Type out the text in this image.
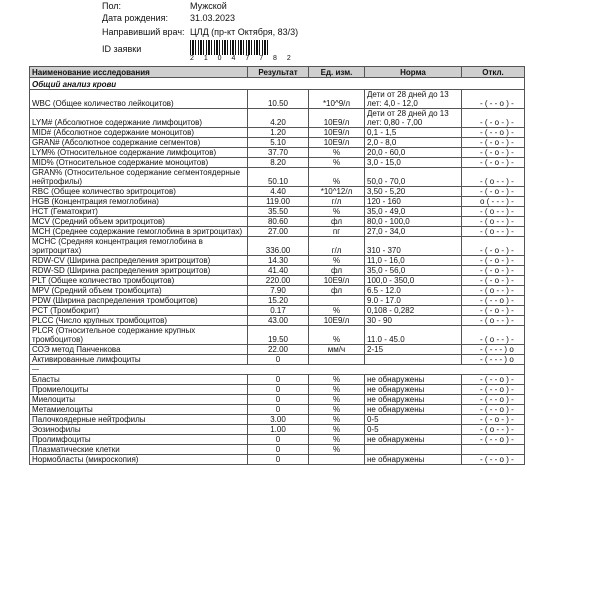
Пол:	Мужской
Дата рождения: 31.03.2023
Направивший врач: ЦЛД (пр-кт Октября, 83/3)
ID заявки
2 1 0 4 7 7 8 2
Наименование исследования	Результат	Ед. изм.	Норма	Откл.
Общий анализ крови				
WBC (Общее количество лейкоцитов)	10.50	*10^9/л	Дети от 28 дней до 13 лет: 4,0 - 12,0	- ( - - o ) -
LYM# (Абсолютное содержание лимфоцитов)	4.20	10E9/л	Дети от 28 дней до 13 лет: 0,80 - 7,00	- ( - o - ) -
MID# (Абсолютное содержание моноцитов)	1.20	10E9/л	0,1 - 1,5	- ( - - o ) -
GRAN# (Абсолютное содержание сегментов)	5.10	10E9/л	2,0 - 8,0	- ( - o - ) -
LYM% (Относительное содержание лимфоцитов)	37.70	%	20,0 - 60,0	- ( - o - ) -
MID% (Относительное содержание моноцитов)	8.20	%	3,0 - 15,0	- ( - o - ) -
GRAN% (Относительное содержание сегментоядерные нейтрофилы)	50.10	%	50,0 - 70,0	- ( o - - ) -
RBC (Общее количество эритроцитов)	4.40	*10^12/л	3,50 - 5,20	- ( - o - ) -
HGB (Концентрация гемоглобина)	119.00	г/л	120 - 160	o ( - - - ) -
HCT (Гематокрит)	35.50	%	35,0 - 49,0	- ( o - - ) -
MCV (Средний объем эритроцитов)	80.60	фл	80,0 - 100,0	- ( o - - ) -
MCH (Среднее содержание гемоглобина в эритроцитах)	27.00	пг	27,0 - 34,0	- ( o - - ) -
MCHC (Средняя концентрация гемоглобина в эритроцитах)	336.00	г/л	310 - 370	- ( - o - ) -
RDW-CV (Ширина распределения эритроцитов)	14.30	%	11,0 - 16,0	- ( - o - ) -
RDW-SD (Ширина распределения эритроцитов)	41.40	фл	35,0 - 56,0	- ( - o - ) -
PLT (Общее количество тромбоцитов)	220.00	10E9/л	100,0 - 350,0	- ( - o - ) -
MPV (Средний объем тромбоцита)	7.90	фл	6.5 - 12.0	- ( o - - ) -
PDW (Ширина распределения тромбоцитов)	15.20		9.0 - 17.0	- ( - - o ) -
PCT (Тромбокрит)	0.17	%	0,108 - 0,282	- ( - o - ) -
PLCC (Число крупных тромбоцитов)	43.00	10E9/л	30 - 90	- ( o - - ) -
PLCR (Относительное содержание крупных тромбоцитов)	19.50	%	11.0 - 45.0	- ( o - - ) -
СОЭ метод Панченкова	22.00	мм/ч	2-15	- ( - - - ) o
Активированные лимфоциты	0			- ( - - - ) o
—				
Бласты	0	%	не обнаружены	- ( - - o ) -
Промиелоциты	0	%	не обнаружены	- ( - - o ) -
Миелоциты	0	%	не обнаружены	- ( - - o ) -
Метамиелоциты	0	%	не обнаружены	- ( - - o ) -
Палочкоядерные нейтрофилы	3.00	%	0-5	- ( - o - ) -
Эозинофилы	1.00	%	0-5	- ( o - - ) -
Пролимфоциты	0	%	не обнаружены	- ( - - o ) -
Плазматические клетки	0	%		
Нормобласты (микроскопия)	0		не обнаружены	- ( - - o ) -
